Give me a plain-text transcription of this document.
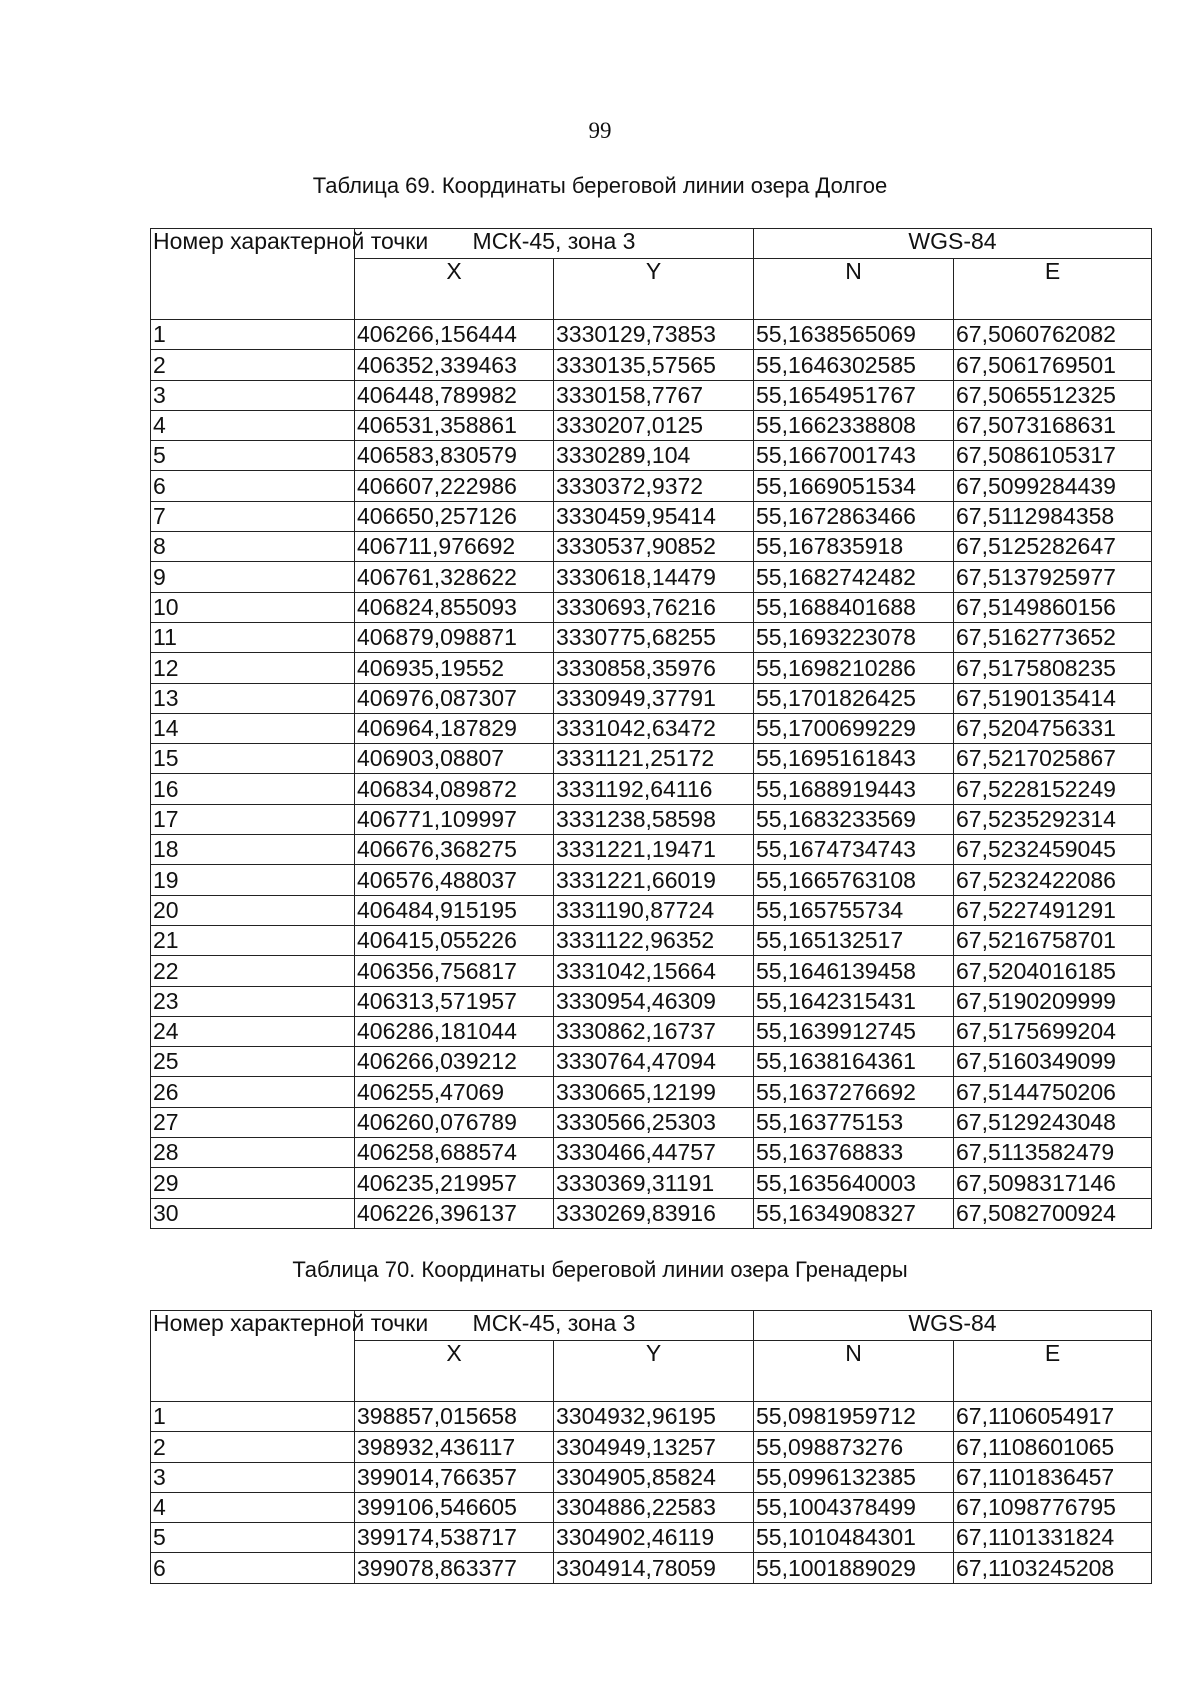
99
Таблица 69. Координаты береговой линии озера Долгое
Номер характерной точки	МСК-45, зона 3		WGS-84	
	X	Y	N	E
1	406266,156444	3330129,73853	55,1638565069	67,5060762082
2	406352,339463	3330135,57565	55,1646302585	67,5061769501
3	406448,789982	3330158,7767	55,1654951767	67,5065512325
4	406531,358861	3330207,0125	55,1662338808	67,5073168631
5	406583,830579	3330289,104	55,1667001743	67,5086105317
6	406607,222986	3330372,9372	55,1669051534	67,5099284439
7	406650,257126	3330459,95414	55,1672863466	67,5112984358
8	406711,976692	3330537,90852	55,167835918	67,5125282647
9	406761,328622	3330618,14479	55,1682742482	67,5137925977
10	406824,855093	3330693,76216	55,1688401688	67,5149860156
11	406879,098871	3330775,68255	55,1693223078	67,5162773652
12	406935,19552	3330858,35976	55,1698210286	67,5175808235
13	406976,087307	3330949,37791	55,1701826425	67,5190135414
14	406964,187829	3331042,63472	55,1700699229	67,5204756331
15	406903,08807	3331121,25172	55,1695161843	67,5217025867
16	406834,089872	3331192,64116	55,1688919443	67,5228152249
17	406771,109997	3331238,58598	55,1683233569	67,5235292314
18	406676,368275	3331221,19471	55,1674734743	67,5232459045
19	406576,488037	3331221,66019	55,1665763108	67,5232422086
20	406484,915195	3331190,87724	55,165755734	67,5227491291
21	406415,055226	3331122,96352	55,165132517	67,5216758701
22	406356,756817	3331042,15664	55,1646139458	67,5204016185
23	406313,571957	3330954,46309	55,1642315431	67,5190209999
24	406286,181044	3330862,16737	55,1639912745	67,5175699204
25	406266,039212	3330764,47094	55,1638164361	67,5160349099
26	406255,47069	3330665,12199	55,1637276692	67,5144750206
27	406260,076789	3330566,25303	55,163775153	67,5129243048
28	406258,688574	3330466,44757	55,163768833	67,5113582479
29	406235,219957	3330369,31191	55,1635640003	67,5098317146
30	406226,396137	3330269,83916	55,1634908327	67,5082700924
Таблица 70. Координаты береговой линии озера Гренадеры
Номер характерной точки	МСК-45, зона 3		WGS-84	
	X	Y	N	E
1	398857,015658	3304932,96195	55,0981959712	67,1106054917
2	398932,436117	3304949,13257	55,098873276	67,1108601065
3	399014,766357	3304905,85824	55,0996132385	67,1101836457
4	399106,546605	3304886,22583	55,1004378499	67,1098776795
5	399174,538717	3304902,46119	55,1010484301	67,1101331824
6	399078,863377	3304914,78059	55,1001889029	67,1103245208
